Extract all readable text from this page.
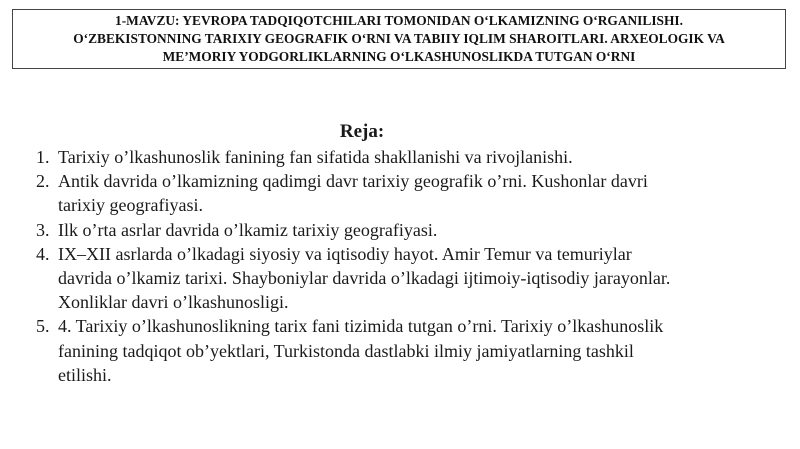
1-MAVZU: YEVROPA TADQIQOTCHILARI TOMONIDAN OʻLKAMIZNING OʻRGANILISHI.
OʻZBEKISTONNING TARIXIY GEOGRAFIK OʻRNI VA TABIIY IQLIM SHAROITLARI. ARXEOLOGIK VA
MEʼMORIY YODGORLIKLARNING OʻLKASHUNOSLIKDA TUTGAN OʻRNI
Reja:
1. Tarixiy o’lkashunoslik fanining fan sifatida shakllanishi va rivojlanishi.
2. Antik davrida o’lkamizning qadimgi davr tarixiy geografik o’rni. Kushonlar davri tarixiy geografiyasi.
3. Ilk o’rta asrlar davrida o’lkamiz tarixiy geografiyasi.
4. IX–XII asrlarda o’lkadagi siyosiy va iqtisodiy hayot. Amir Temur va temuriylar davrida o’lkamiz tarixi. Shayboniylar davrida o’lkadagi ijtimoiy-iqtisodiy jarayonlar. Xonliklar davri o’lkashunosligi.
5. 4. Tarixiy o’lkashunoslikning tarix fani tizimida tutgan o’rni. Tarixiy o’lkashunoslik fanining tadqiqot ob’yektlari, Turkistonda dastlabki ilmiy jamiyatlarning tashkil etilishi.
